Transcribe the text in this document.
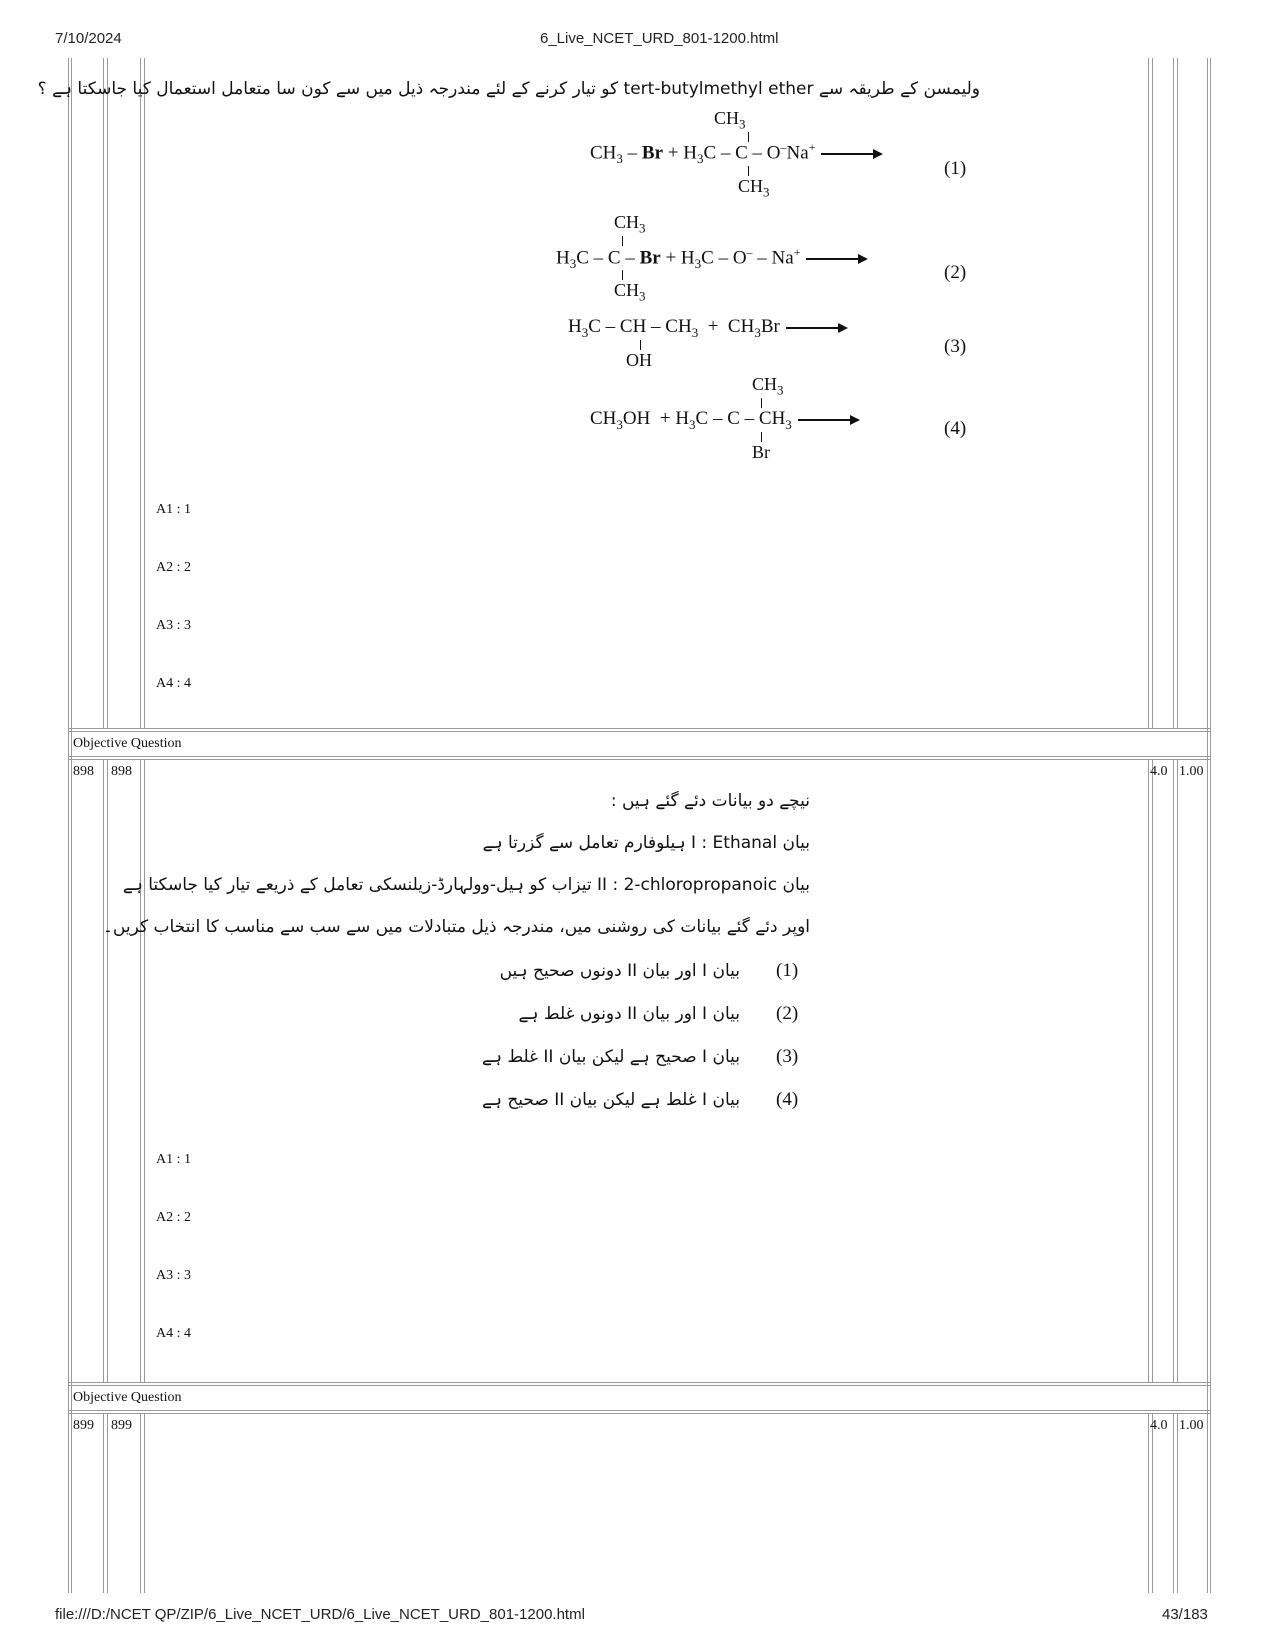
7/10/2024	6_Live_NCET_URD_801-1200.html
file:///D:/NCET QP/ZIP/6_Live_NCET_URD/6_Live_NCET_URD_801-1200.html	43/183
ولیمسن کے طریقہ سے tert-butylmethyl ether کو تیار کرنے کے لئے مندرجہ ذیل میں سے کون سا متعامل استعمال کیا جاسکتا ہے ؟
$CH_3$
$CH_3 - Br + H_3C - C - O^-Na^+$ →
$CH_3$
(1)
$CH_3$
$H_3C - C - Br + H_3C - O^- - Na^+$ →
$CH_3$
(2)
$H_3C$ – CH – $CH_3 + CH_3Br$ →
OH
(3)
$CH_3$
$CH_3OH + H_3C - C - CH_3$ →
Br
(4)
A1 : 1
A2 : 2
A3 : 3
A4 : 4
Objective Question
898 898	4.0 1.00
نیچے دو بیانات دئے گئے ہیں :
بیان I : Ethanal ہیلوفارم تعامل سے گزرتا ہے
بیان II : 2-chloropropanoic تیزاب کو ہیل-وولہارڈ-زیلنسکی تعامل کے ذریعے تیار کیا جاسکتا ہے
اوپر دئے گئے بیانات کی روشنی میں، مندرجہ ذیل متبادلات میں سے سب سے مناسب کا انتخاب کریں۔
بیان I اور بیان II دونوں صحیح ہیں (1)
بیان I اور بیان II دونوں غلط ہے (2)
بیان I صحیح ہے لیکن بیان II غلط ہے (3)
بیان I غلط ہے لیکن بیان II صحیح ہے (4)
A1 : 1
A2 : 2
A3 : 3
A4 : 4
Objective Question
899 899	4.0 1.00
